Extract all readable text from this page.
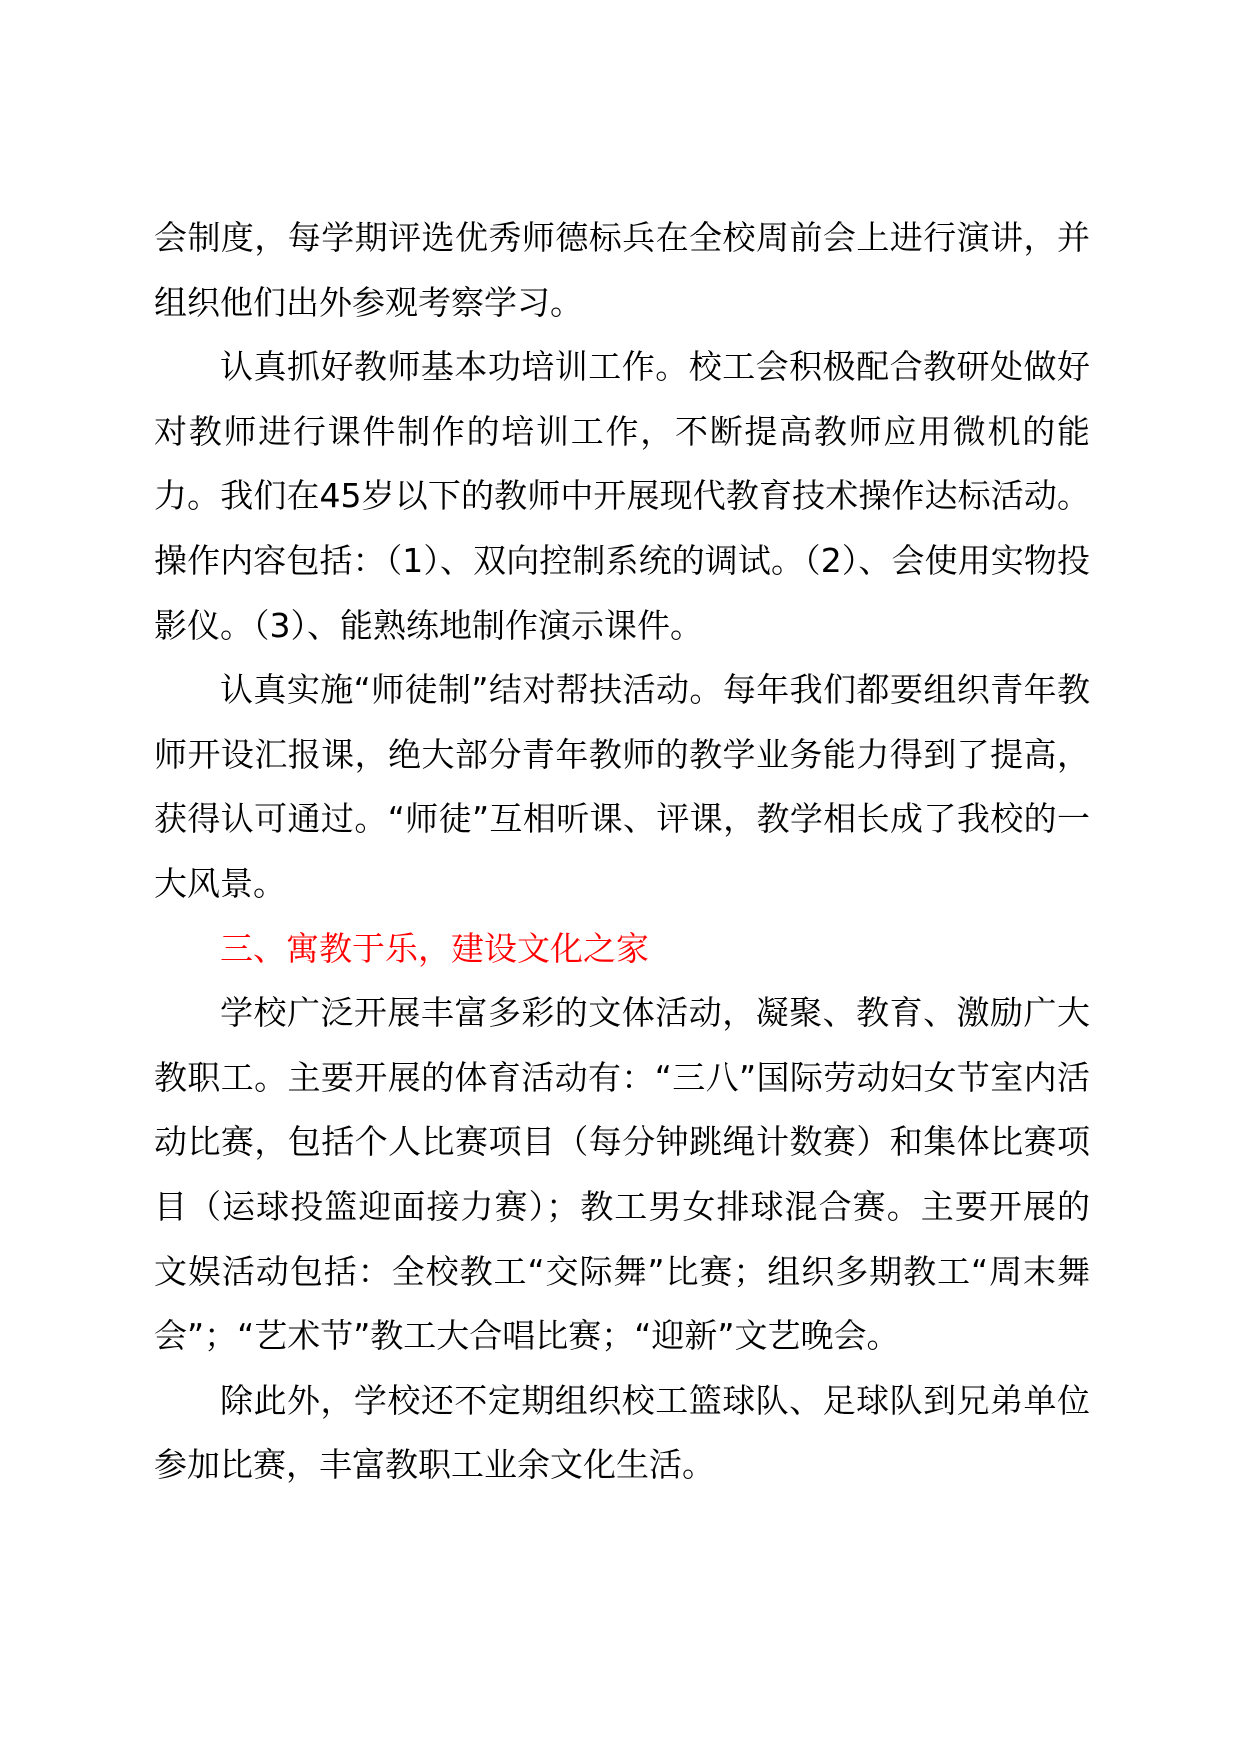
会制度，每学期评选优秀师德标兵在全校周前会上进行演讲，并组织他们出外参观考察学习。

认真抓好教师基本功培训工作。校工会积极配合教研处做好对教师进行课件制作的培训工作，不断提高教师应用微机的能力。我们在45岁以下的教师中开展现代教育技术操作达标活动。操作内容包括：（1）、双向控制系统的调试。（2）、会使用实物投影仪。（3）、能熟练地制作演示课件。

认真实施“师徒制”结对帮扶活动。每年我们都要组织青年教师开设汇报课，绝大部分青年教师的教学业务能力得到了提高，获得认可通过。“师徒”互相听课、评课，教学相长成了我校的一大风景。

三、寓教于乐，建设文化之家

学校广泛开展丰富多彩的文体活动，凝聚、教育、激励广大教职工。主要开展的体育活动有：“三八”国际劳动妇女节室内活动比赛，包括个人比赛项目（每分钟跳绳计数赛）和集体比赛项目（运球投篮迎面接力赛）；教工男女排球混合赛。主要开展的文娱活动包括：全校教工“交际舞”比赛；组织多期教工“周末舞会”；“艺术节”教工大合唱比赛；“迎新”文艺晚会。

除此外，学校还不定期组织校工篮球队、足球队到兄弟单位参加比赛，丰富教职工业余文化生活。
